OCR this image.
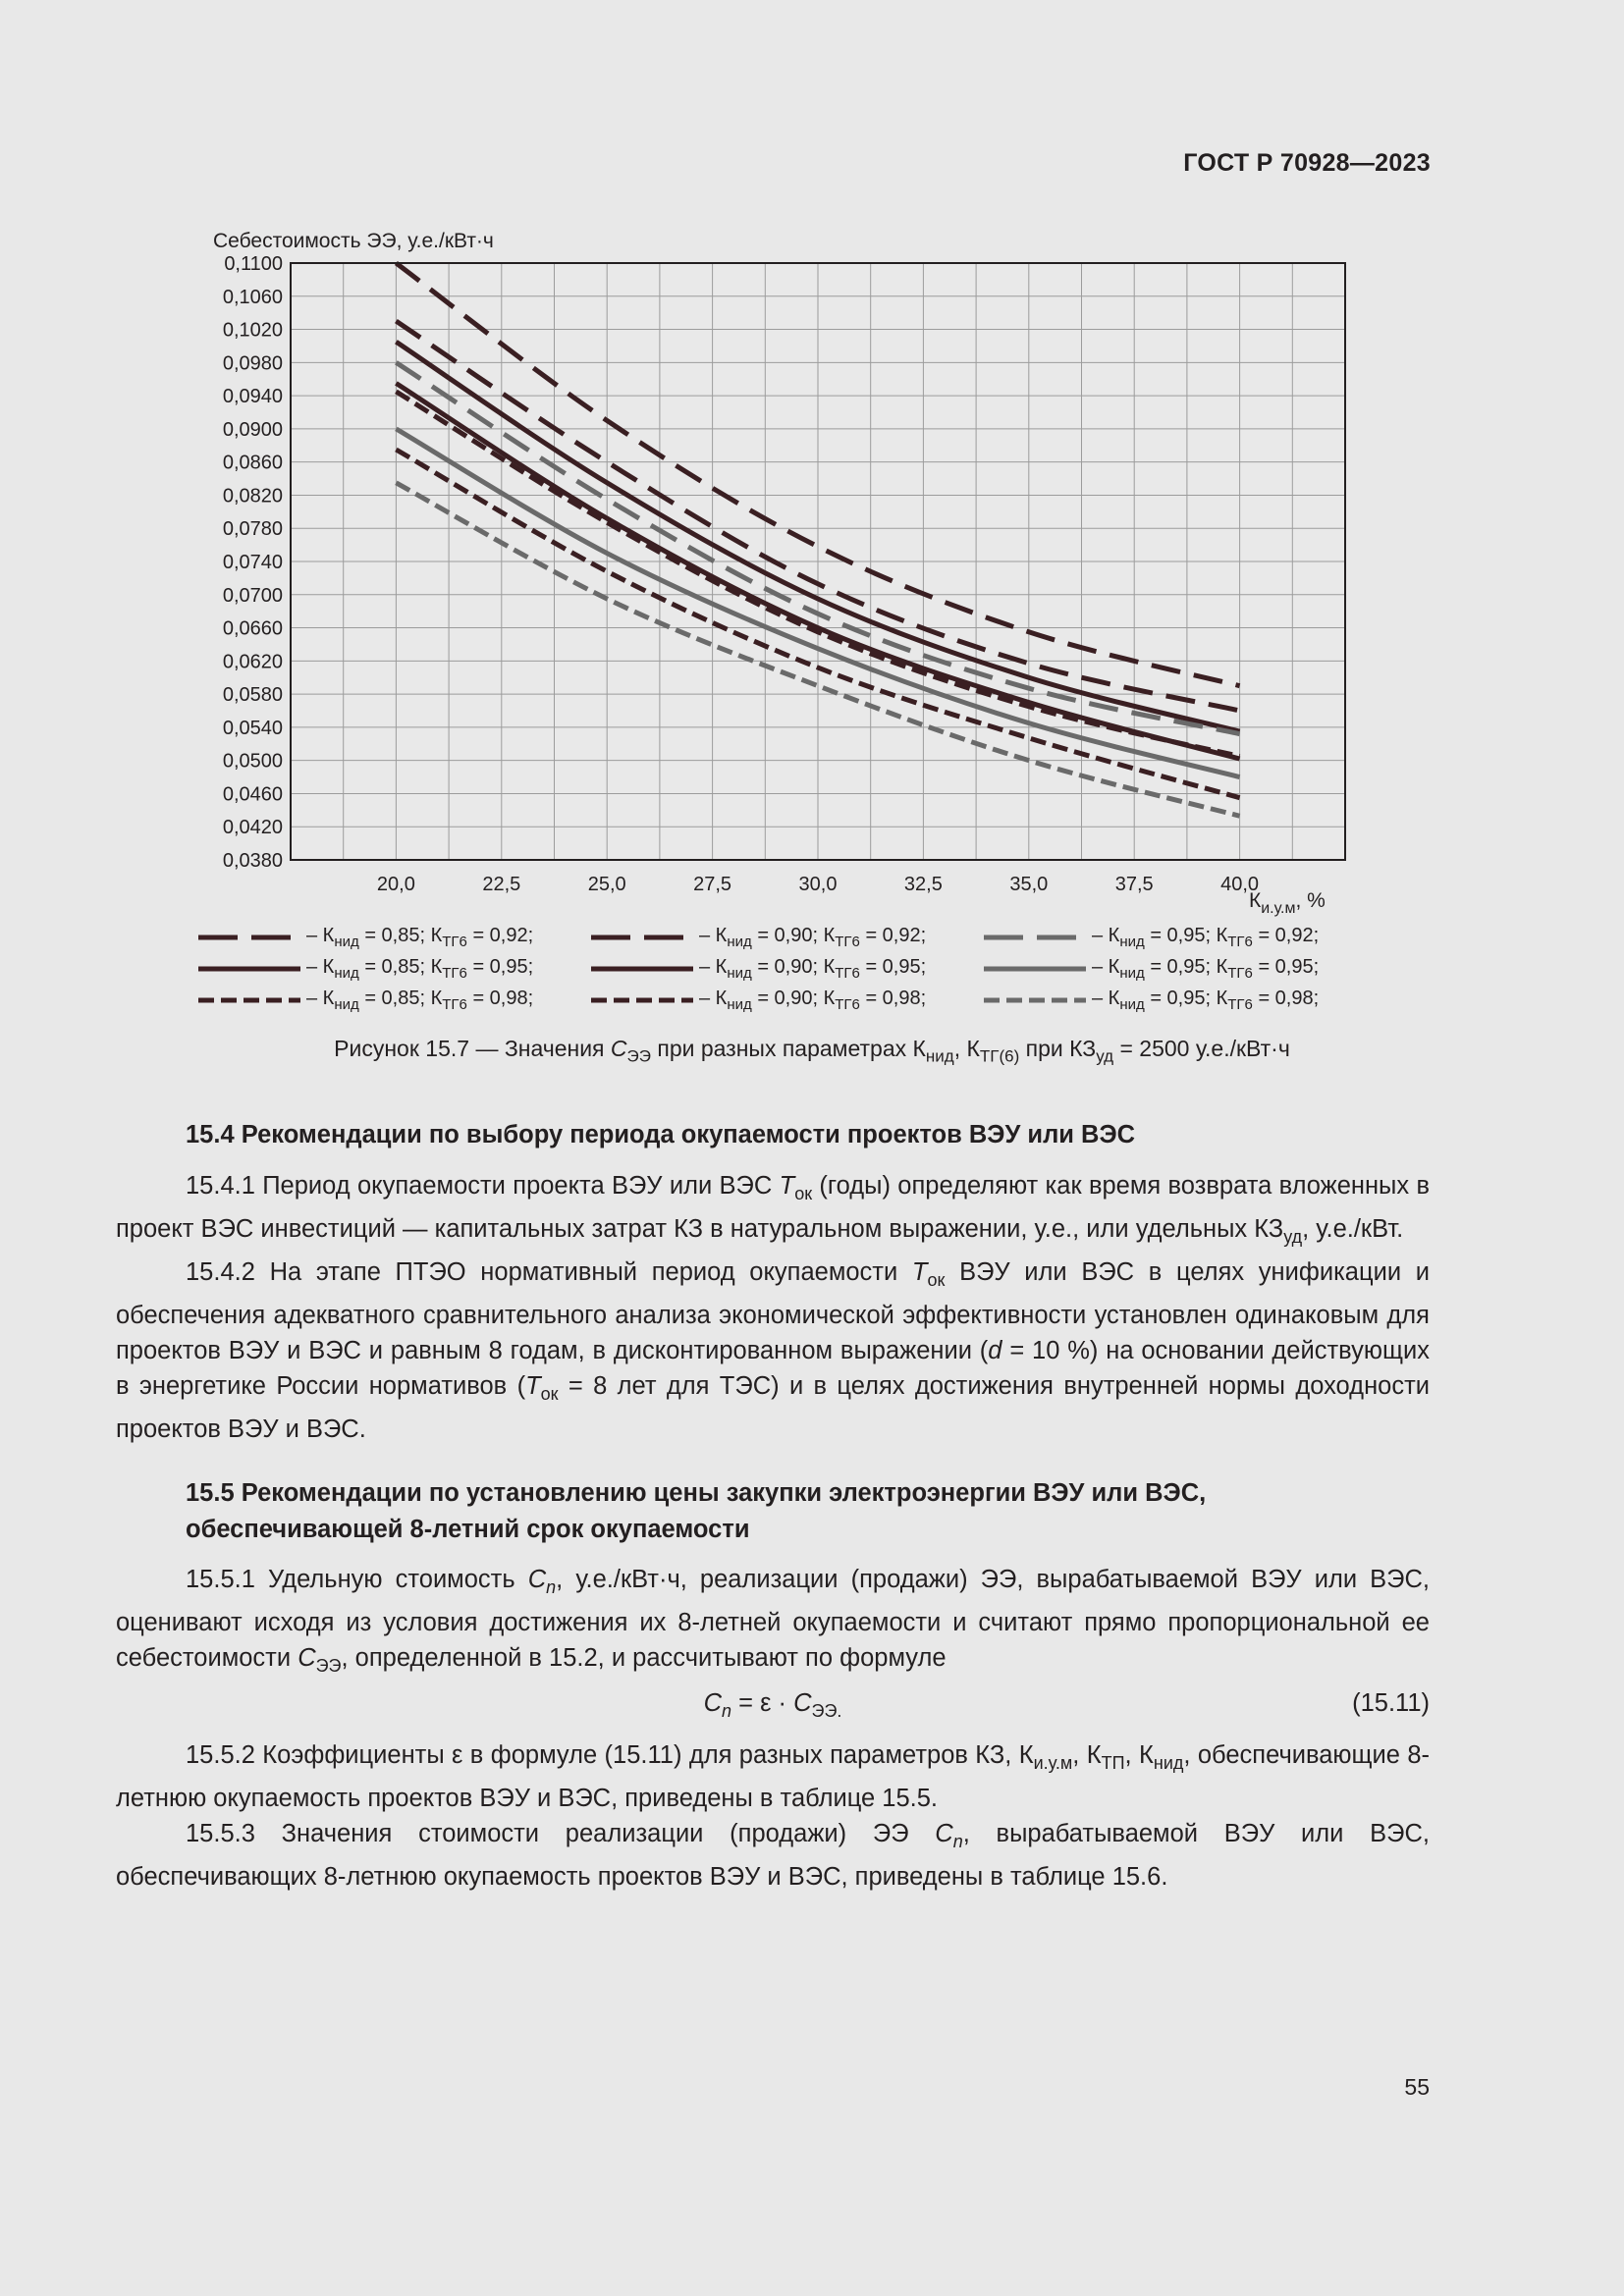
ГОСТ Р 70928—2023
0,0380
0,0420
0,0460
0,0500
0,0540
0,0580
0,0620
0,0660
0,0700
0,0740
0,0780
0,0820
0,0860
0,0900
0,0940
0,0980
0,1020
0,1060
0,1100
20,0	22,5	25,0	27,5	30,0	32,5	35,0	37,5	40,0
Себестоимость ЭЭ, у.е./кВт·ч
$К_{и.у.м}$, %
– $К_{нид} = 0,85$; $К_{ТГ6} = 0,92$;	– $К_{нид} = 0,90$; $К_{ТГ6} = 0,92$;	– $К_{нид} = 0,95$; $К_{ТГ6} = 0,92$;
– $К_{нид} = 0,85$; $К_{ТГ6} = 0,95$;	– $К_{нид} = 0,90$; $К_{ТГ6} = 0,95$;	– $К_{нид} = 0,95$; $К_{ТГ6} = 0,95$;
– $К_{нид} = 0,85$; $К_{ТГ6} = 0,98$;	– $К_{нид} = 0,90$; $К_{ТГ6} = 0,98$;	– $К_{нид} = 0,95$; $К_{ТГ6} = 0,98$;
Рисунок 15.7 — Значения $С_{ЭЭ}$ при разных параметрах $К_{нид}$, $К_{ТГ(6)}$ при $КЗ_{уд} = 2500$ у.е./кВт·ч
15.4 Рекомендации по выбору периода окупаемости проектов ВЭУ или ВЭС

15.4.1 Период окупаемости проекта ВЭУ или ВЭС $Т_{ок}$ (годы) определяют как время возврата вложенных в проект ВЭС инвестиций — капитальных затрат КЗ в натуральном выражении, у.е., или удельных $КЗ_{уд}$, у.е./кВт.

15.4.2 На этапе ПТЭО нормативный период окупаемости $Т_{ок}$ ВЭУ или ВЭС в целях унификации и обеспечения адекватного сравнительного анализа экономической эффективности установлен одинаковым для проектов ВЭУ и ВЭС и равным 8 годам, в дисконтированном выражении (d = 10 %) на основании действующих в энергетике России нормативов ($Т_{ок} = 8$ лет для ТЭС) и в целях достижения внутренней нормы доходности проектов ВЭУ и ВЭС.

15.5 Рекомендации по установлению цены закупки электроэнергии ВЭУ или ВЭС,
обеспечивающей 8-летний срок окупаемости

15.5.1 Удельную стоимость $С_n$, у.е./кВт·ч, реализации (продажи) ЭЭ, вырабатываемой ВЭУ или ВЭС, оценивают исходя из условия достижения их 8-летней окупаемости и считают прямо пропорциональной ее себестоимости $С_{ЭЭ}$, определенной в 15.2, и рассчитывают по формуле

$С_n = \varepsilon \cdot С_{ЭЭ.}$	(15.11)

15.5.2 Коэффициенты ε в формуле (15.11) для разных параметров КЗ, $К_{и.у.м}$, $К_{ТП}$, $К_{нид}$, обеспечивающие 8-летнюю окупаемость проектов ВЭУ и ВЭС, приведены в таблице 15.5.

15.5.3 Значения стоимости реализации (продажи) ЭЭ $С_n$, вырабатываемой ВЭУ или ВЭС, обеспечивающих 8-летнюю окупаемость проектов ВЭУ и ВЭС, приведены в таблице 15.6.

55
